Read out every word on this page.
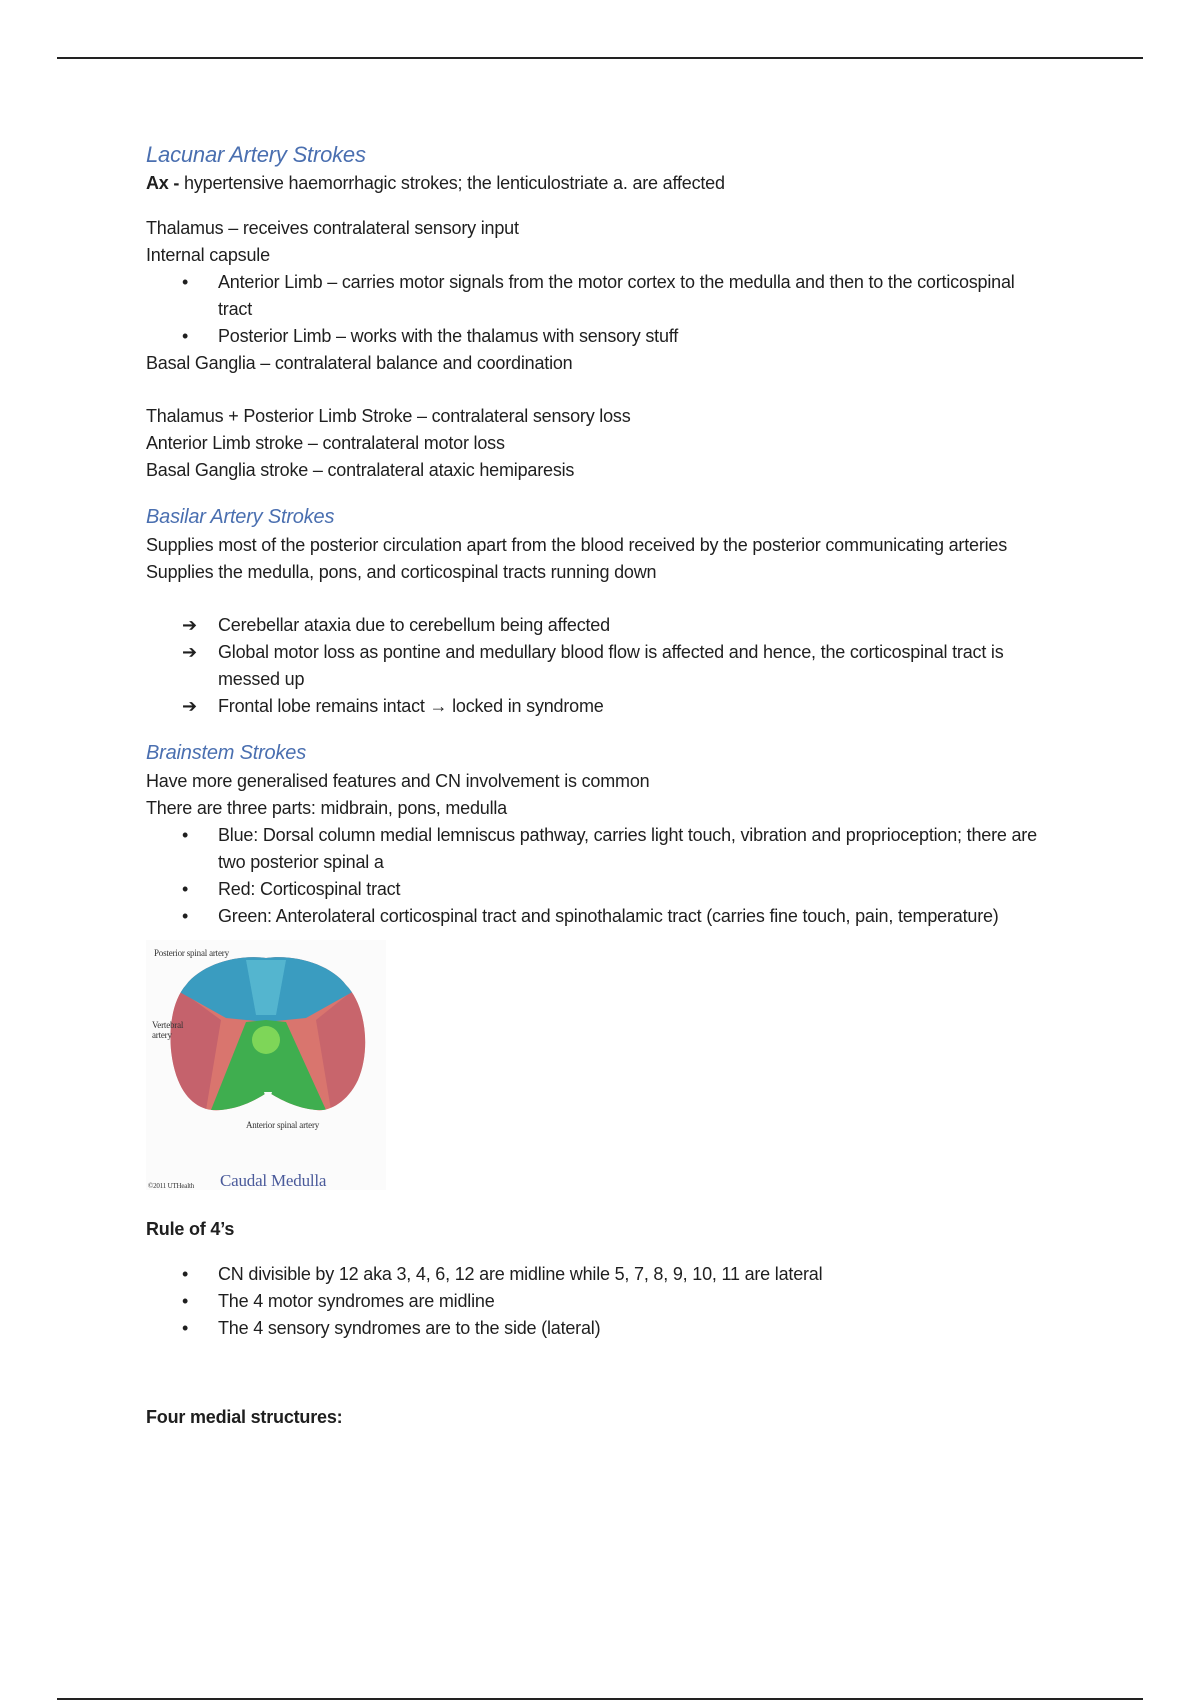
Lacunar Artery Strokes

Ax - hypertensive haemorrhagic strokes; the lenticulostriate a. are affected

Thalamus – receives contralateral sensory input

Internal capsule

•	Anterior Limb – carries motor signals from the motor cortex to the medulla and then to the corticospinal tract
•	Posterior Limb – works with the thalamus with sensory stuff

Basal Ganglia – contralateral balance and coordination

Thalamus + Posterior Limb Stroke – contralateral sensory loss

Anterior Limb stroke – contralateral motor loss

Basal Ganglia stroke – contralateral ataxic hemiparesis

Basilar Artery Strokes

Supplies most of the posterior circulation apart from the blood received by the posterior communicating arteries

Supplies the medulla, pons, and corticospinal tracts running down

➔ Cerebellar ataxia due to cerebellum being affected
➔ Global motor loss as pontine and medullary blood flow is affected and hence, the corticospinal tract is messed up
➔ Frontal lobe remains intact → locked in syndrome

Brainstem Strokes

Have more generalised features and CN involvement is common

There are three parts: midbrain, pons, medulla

•	Blue: Dorsal column medial lemniscus pathway, carries light touch, vibration and proprioception; there are two posterior spinal a
•	Red: Corticospinal tract
•	Green: Anterolateral corticospinal tract and spinothalamic tract (carries fine touch, pain, temperature)
Posterior spinal artery
Vertebral artery
Anterior spinal artery
©2011 UTHealth Caudal Medulla

Rule of 4’s

•	CN divisible by 12 aka 3, 4, 6, 12 are midline while 5, 7, 8, 9, 10, 11 are lateral
•	The 4 motor syndromes are midline
•	The 4 sensory syndromes are to the side (lateral)

Four medial structures:
